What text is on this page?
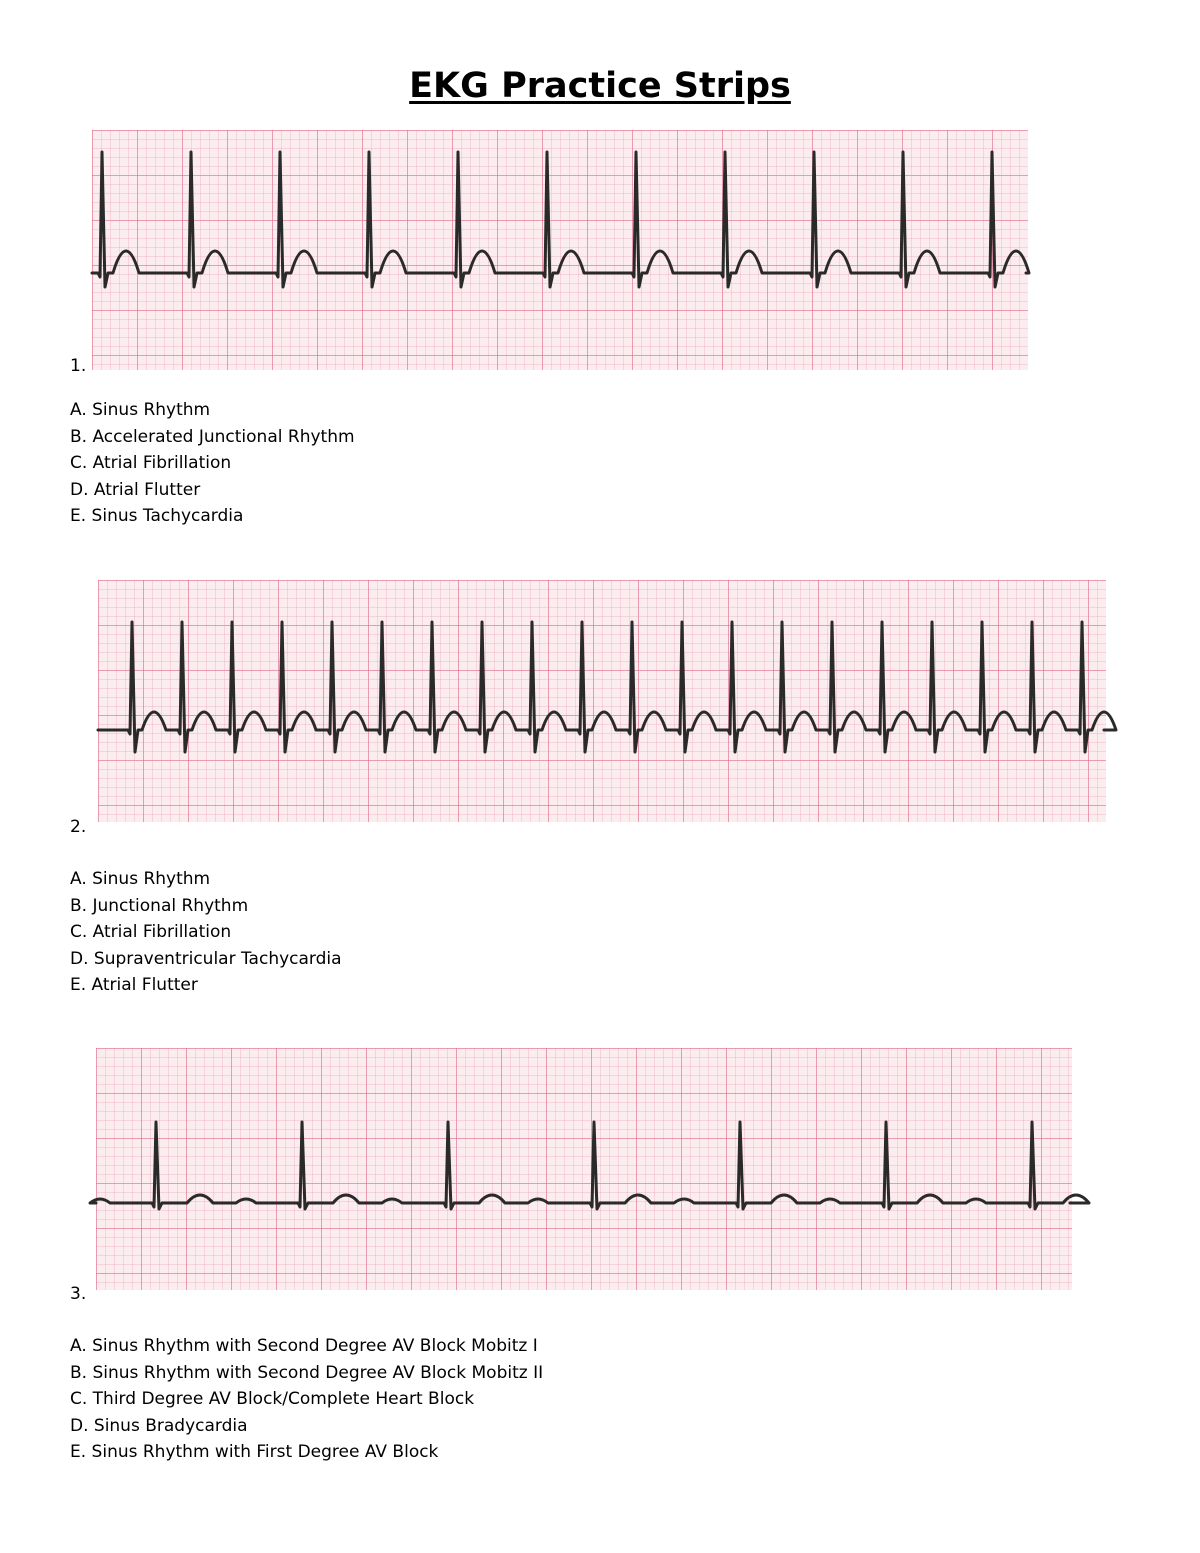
EKG Practice Strips
1.
A. Sinus Rhythm
B. Accelerated Junctional Rhythm
C. Atrial Fibrillation
D. Atrial Flutter
E. Sinus Tachycardia
2.
A. Sinus Rhythm
B. Junctional Rhythm
C. Atrial Fibrillation
D. Supraventricular Tachycardia
E. Atrial Flutter
3.
A. Sinus Rhythm with Second Degree AV Block Mobitz I
B. Sinus Rhythm with Second Degree AV Block Mobitz II
C. Third Degree AV Block/Complete Heart Block
D. Sinus Bradycardia
E. Sinus Rhythm with First Degree AV Block
